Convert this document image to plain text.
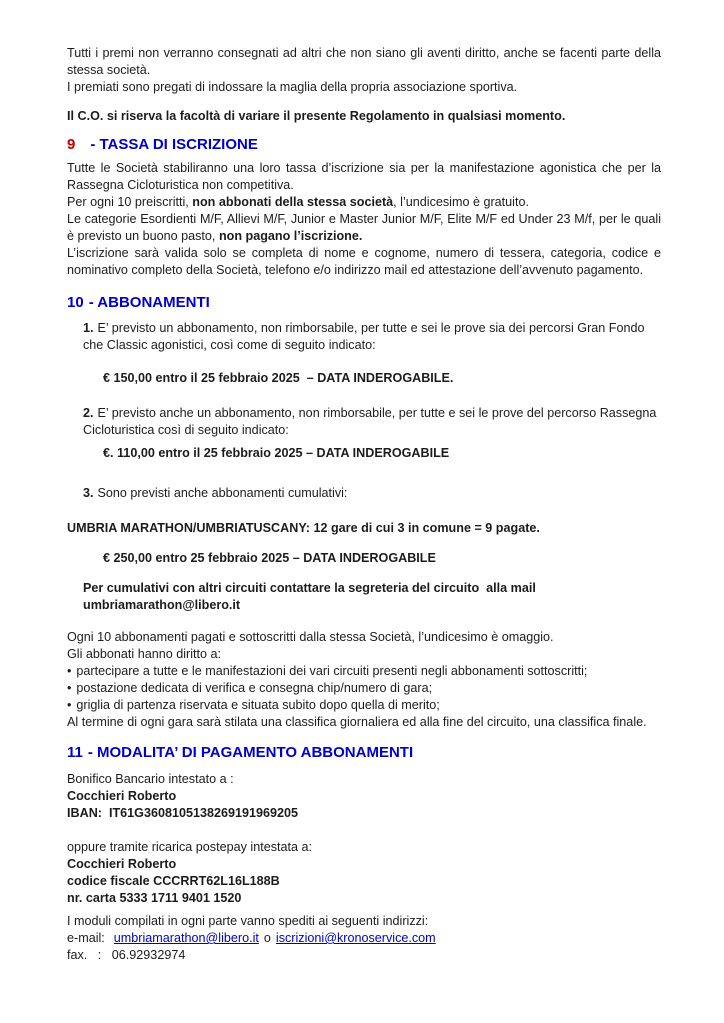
Tutti i premi non verranno consegnati ad altri che non siano gli aventi diritto, anche se facenti parte della stessa società.

I premiati sono pregati di indossare la maglia della propria associazione sportiva.

Il C.O. si riserva la facoltà di variare il presente Regolamento in qualsiasi momento.

9 - TASSA DI ISCRIZIONE

Tutte le Società stabiliranno una loro tassa d’iscrizione sia per la manifestazione agonistica che per la Rassegna Cicloturistica non competitiva.

Per ogni 10 preiscritti, non abbonati della stessa società, l’undicesimo è gratuito.

Le categorie Esordienti M/F, Allievi M/F, Junior e Master Junior M/F, Elite M/F ed Under 23 M/f, per le quali è previsto un buono pasto, non pagano l’iscrizione.

L’iscrizione sarà valida solo se completa di nome e cognome, numero di tessera, categoria, codice e nominativo completo della Società, telefono e/o indirizzo mail ed attestazione dell’avvenuto pagamento.

10 - ABBONAMENTI

1. E’ previsto un abbonamento, non rimborsabile, per tutte e sei le prove sia dei percorsi Gran Fondo che Classic agonistici, così come di seguito indicato:

€ 150,00 entro il 25 febbraio 2025  – DATA INDEROGABILE.

2. E’ previsto anche un abbonamento, non rimborsabile, per tutte e sei le prove del percorso Rassegna Cicloturistica così di seguito indicato:

€. 110,00 entro il 25 febbraio 2025 – DATA INDEROGABILE

3. Sono previsti anche abbonamenti cumulativi:

UMBRIA MARATHON/UMBRIATUSCANY: 12 gare di cui 3 in comune = 9 pagate.

€ 250,00 entro 25 febbraio 2025 – DATA INDEROGABILE

Per cumulativi con altri circuiti contattare la segreteria del circuito  alla mail

umbriamarathon@libero.it

Ogni 10 abbonamenti pagati e sottoscritti dalla stessa Società, l’undicesimo è omaggio.

Gli abbonati hanno diritto a:

• partecipare a tutte e le manifestazioni dei vari circuiti presenti negli abbonamenti sottoscritti;

• postazione dedicata di verifica e consegna chip/numero di gara;

• griglia di partenza riservata e situata subito dopo quella di merito;

Al termine di ogni gara sarà stilata una classifica giornaliera ed alla fine del circuito, una classifica finale.

11 - MODALITA’ DI PAGAMENTO ABBONAMENTI

Bonifico Bancario intestato a :

Cocchieri Roberto

IBAN:  IT61G3608105138269191969205

oppure tramite ricarica postepay intestata a:

Cocchieri Roberto

codice fiscale CCCRRT62L16L188B

nr. carta 5333 1711 9401 1520

I moduli compilati in ogni parte vanno spediti ai seguenti indirizzi:

e-mail: umbriamarathon@libero.it o iscrizioni@kronoservice.com

fax.   :   06.92932974
